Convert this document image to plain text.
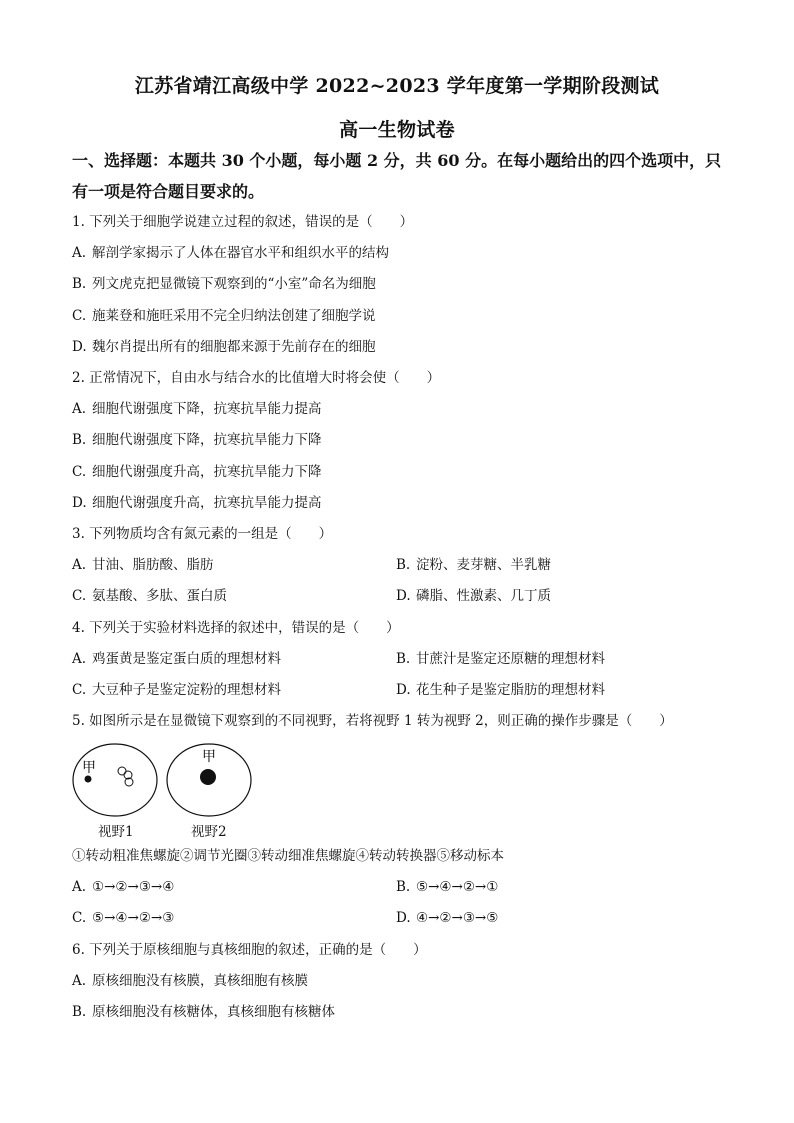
江苏省靖江高级中学 2022~2023 学年度第一学期阶段测试
高一生物试卷
一、选择题：本题共 30 个小题，每小题 2 分，共 60 分。在每小题给出的四个选项中，只有一项是符合题目要求的。
1. 下列关于细胞学说建立过程的叙述，错误的是（　　）
A. 解剖学家揭示了人体在器官水平和组织水平的结构
B. 列文虎克把显微镜下观察到的“小室”命名为细胞
C. 施莱登和施旺采用不完全归纳法创建了细胞学说
D. 魏尔肖提出所有的细胞都来源于先前存在的细胞
2. 正常情况下，自由水与结合水的比值增大时将会使（　　）
A. 细胞代谢强度下降，抗寒抗旱能力提高
B. 细胞代谢强度下降，抗寒抗旱能力下降
C. 细胞代谢强度升高，抗寒抗旱能力下降
D. 细胞代谢强度升高，抗寒抗旱能力提高
3. 下列物质均含有氮元素的一组是（　　）
A. 甘油、脂肪酸、脂肪	B. 淀粉、麦芽糖、半乳糖
C. 氨基酸、多肽、蛋白质	D. 磷脂、性激素、几丁质
4. 下列关于实验材料选择的叙述中，错误的是（　　）
A. 鸡蛋黄是鉴定蛋白质的理想材料	B. 甘蔗汁是鉴定还原糖的理想材料
C. 大豆种子是鉴定淀粉的理想材料	D. 花生种子是鉴定脂肪的理想材料
5. 如图所示是在显微镜下观察到的不同视野，若将视野 1 转为视野 2，则正确的操作步骤是（　　）
甲
甲
视野1	视野2
①转动粗准焦螺旋②调节光圈③转动细准焦螺旋④转动转换器⑤移动标本
A. ①→②→③→④	B. ⑤→④→②→①
C. ⑤→④→②→③	D. ④→②→③→⑤
6. 下列关于原核细胞与真核细胞的叙述，正确的是（　　）
A. 原核细胞没有核膜，真核细胞有核膜
B. 原核细胞没有核糖体，真核细胞有核糖体
